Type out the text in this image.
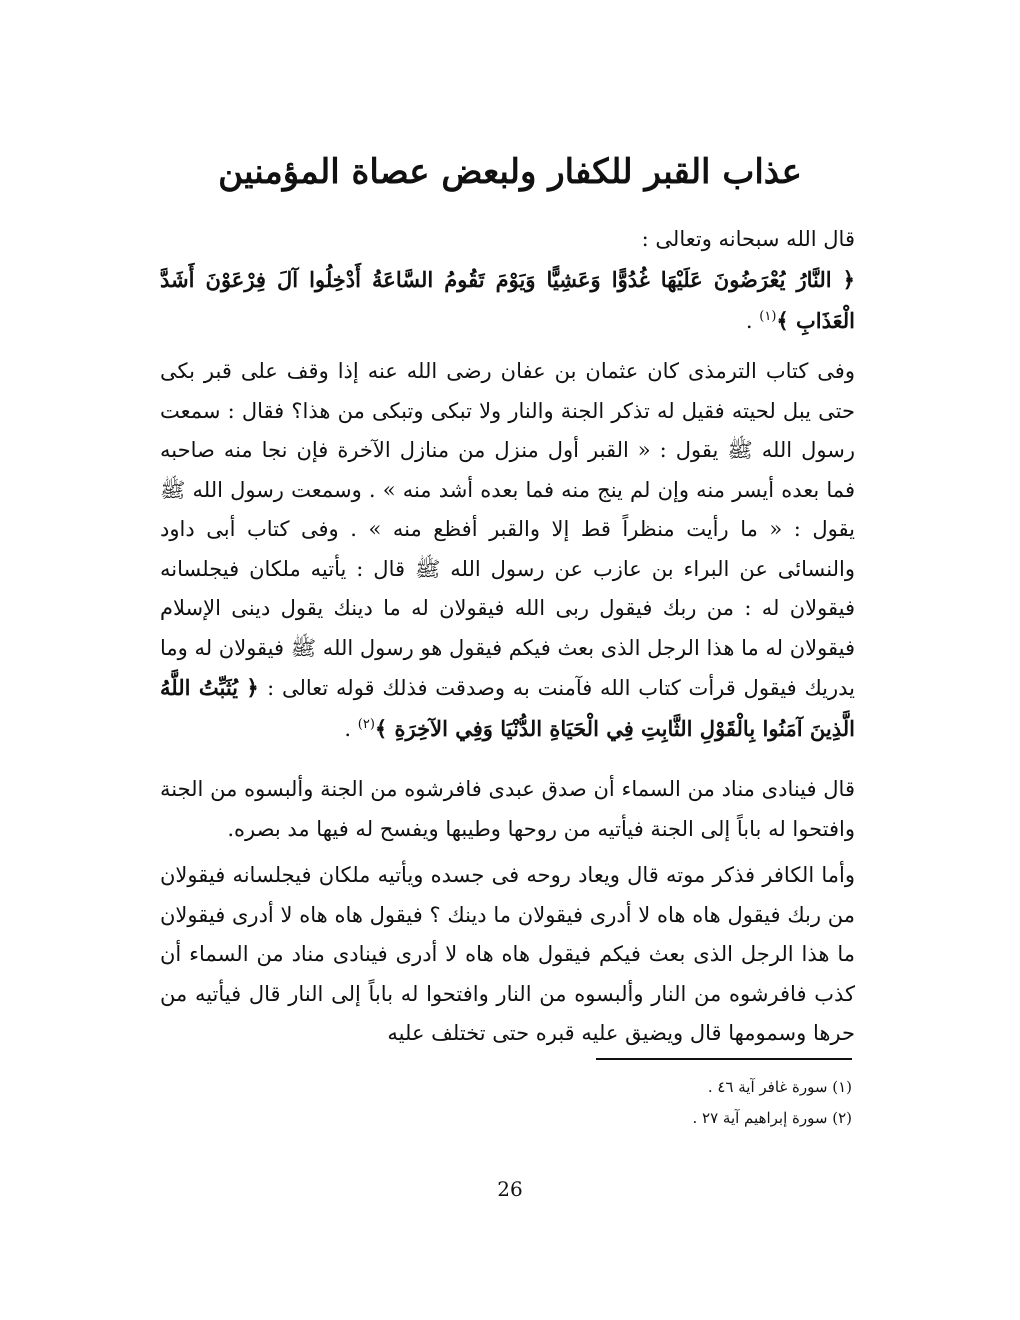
عذاب القبر للكفار ولبعض عصاة المؤمنين

قال الله سبحانه وتعالى :

﴿ النَّارُ يُعْرَضُونَ عَلَيْهَا غُدُوًّا وَعَشِيًّا وَيَوْمَ تَقُومُ السَّاعَةُ أَدْخِلُوا آلَ فِرْعَوْنَ أَشَدَّ الْعَذَابِ ﴾$^{(١)}$ .

وفى كتاب الترمذى كان عثمان بن عفان رضى الله عنه إذا وقف على قبر بكى حتى يبل لحيته فقيل له تذكر الجنة والنار ولا تبكى وتبكى من هذا؟ فقال : سمعت رسول الله ﷺ يقول : « القبر أول منزل من منازل الآخرة فإن نجا منه صاحبه فما بعده أيسر منه وإن لم ينج منه فما بعده أشد منه » . وسمعت رسول الله ﷺ يقول : « ما رأيت منظراً قط إلا والقبر أفظع منه » . وفى كتاب أبى داود والنسائى عن البراء بن عازب عن رسول الله ﷺ قال : يأتيه ملكان فيجلسانه فيقولان له : من ربك فيقول ربى الله فيقولان له ما دينك يقول دينى الإسلام فيقولان له ما هذا الرجل الذى بعث فيكم فيقول هو رسول الله ﷺ فيقولان له وما يدريك فيقول قرأت كتاب الله فآمنت به وصدقت فذلك قوله تعالى : ﴿ يُثَبِّتُ اللَّهُ الَّذِينَ آمَنُوا بِالْقَوْلِ الثَّابِتِ فِي الْحَيَاةِ الدُّنْيَا وَفِي الآخِرَةِ ﴾$^{(٢)}$ .

قال فينادى مناد من السماء أن صدق عبدى فافرشوه من الجنة وألبسوه من الجنة وافتحوا له باباً إلى الجنة فيأتيه من روحها وطيبها ويفسح له فيها مد بصره.

وأما الكافر فذكر موته قال ويعاد روحه فى جسده ويأتيه ملكان فيجلسانه فيقولان من ربك فيقول هاه هاه لا أدرى فيقولان ما دينك ؟ فيقول هاه هاه لا أدرى فيقولان ما هذا الرجل الذى بعث فيكم فيقول هاه هاه لا أدرى فينادى مناد من السماء أن كذب فافرشوه من النار وألبسوه من النار وافتحوا له باباً إلى النار قال فيأتيه من حرها وسمومها قال ويضيق عليه قبره حتى تختلف عليه

(١) سورة غافر آية ٤٦ .

(٢) سورة إبراهيم آية ٢٧ .

26
